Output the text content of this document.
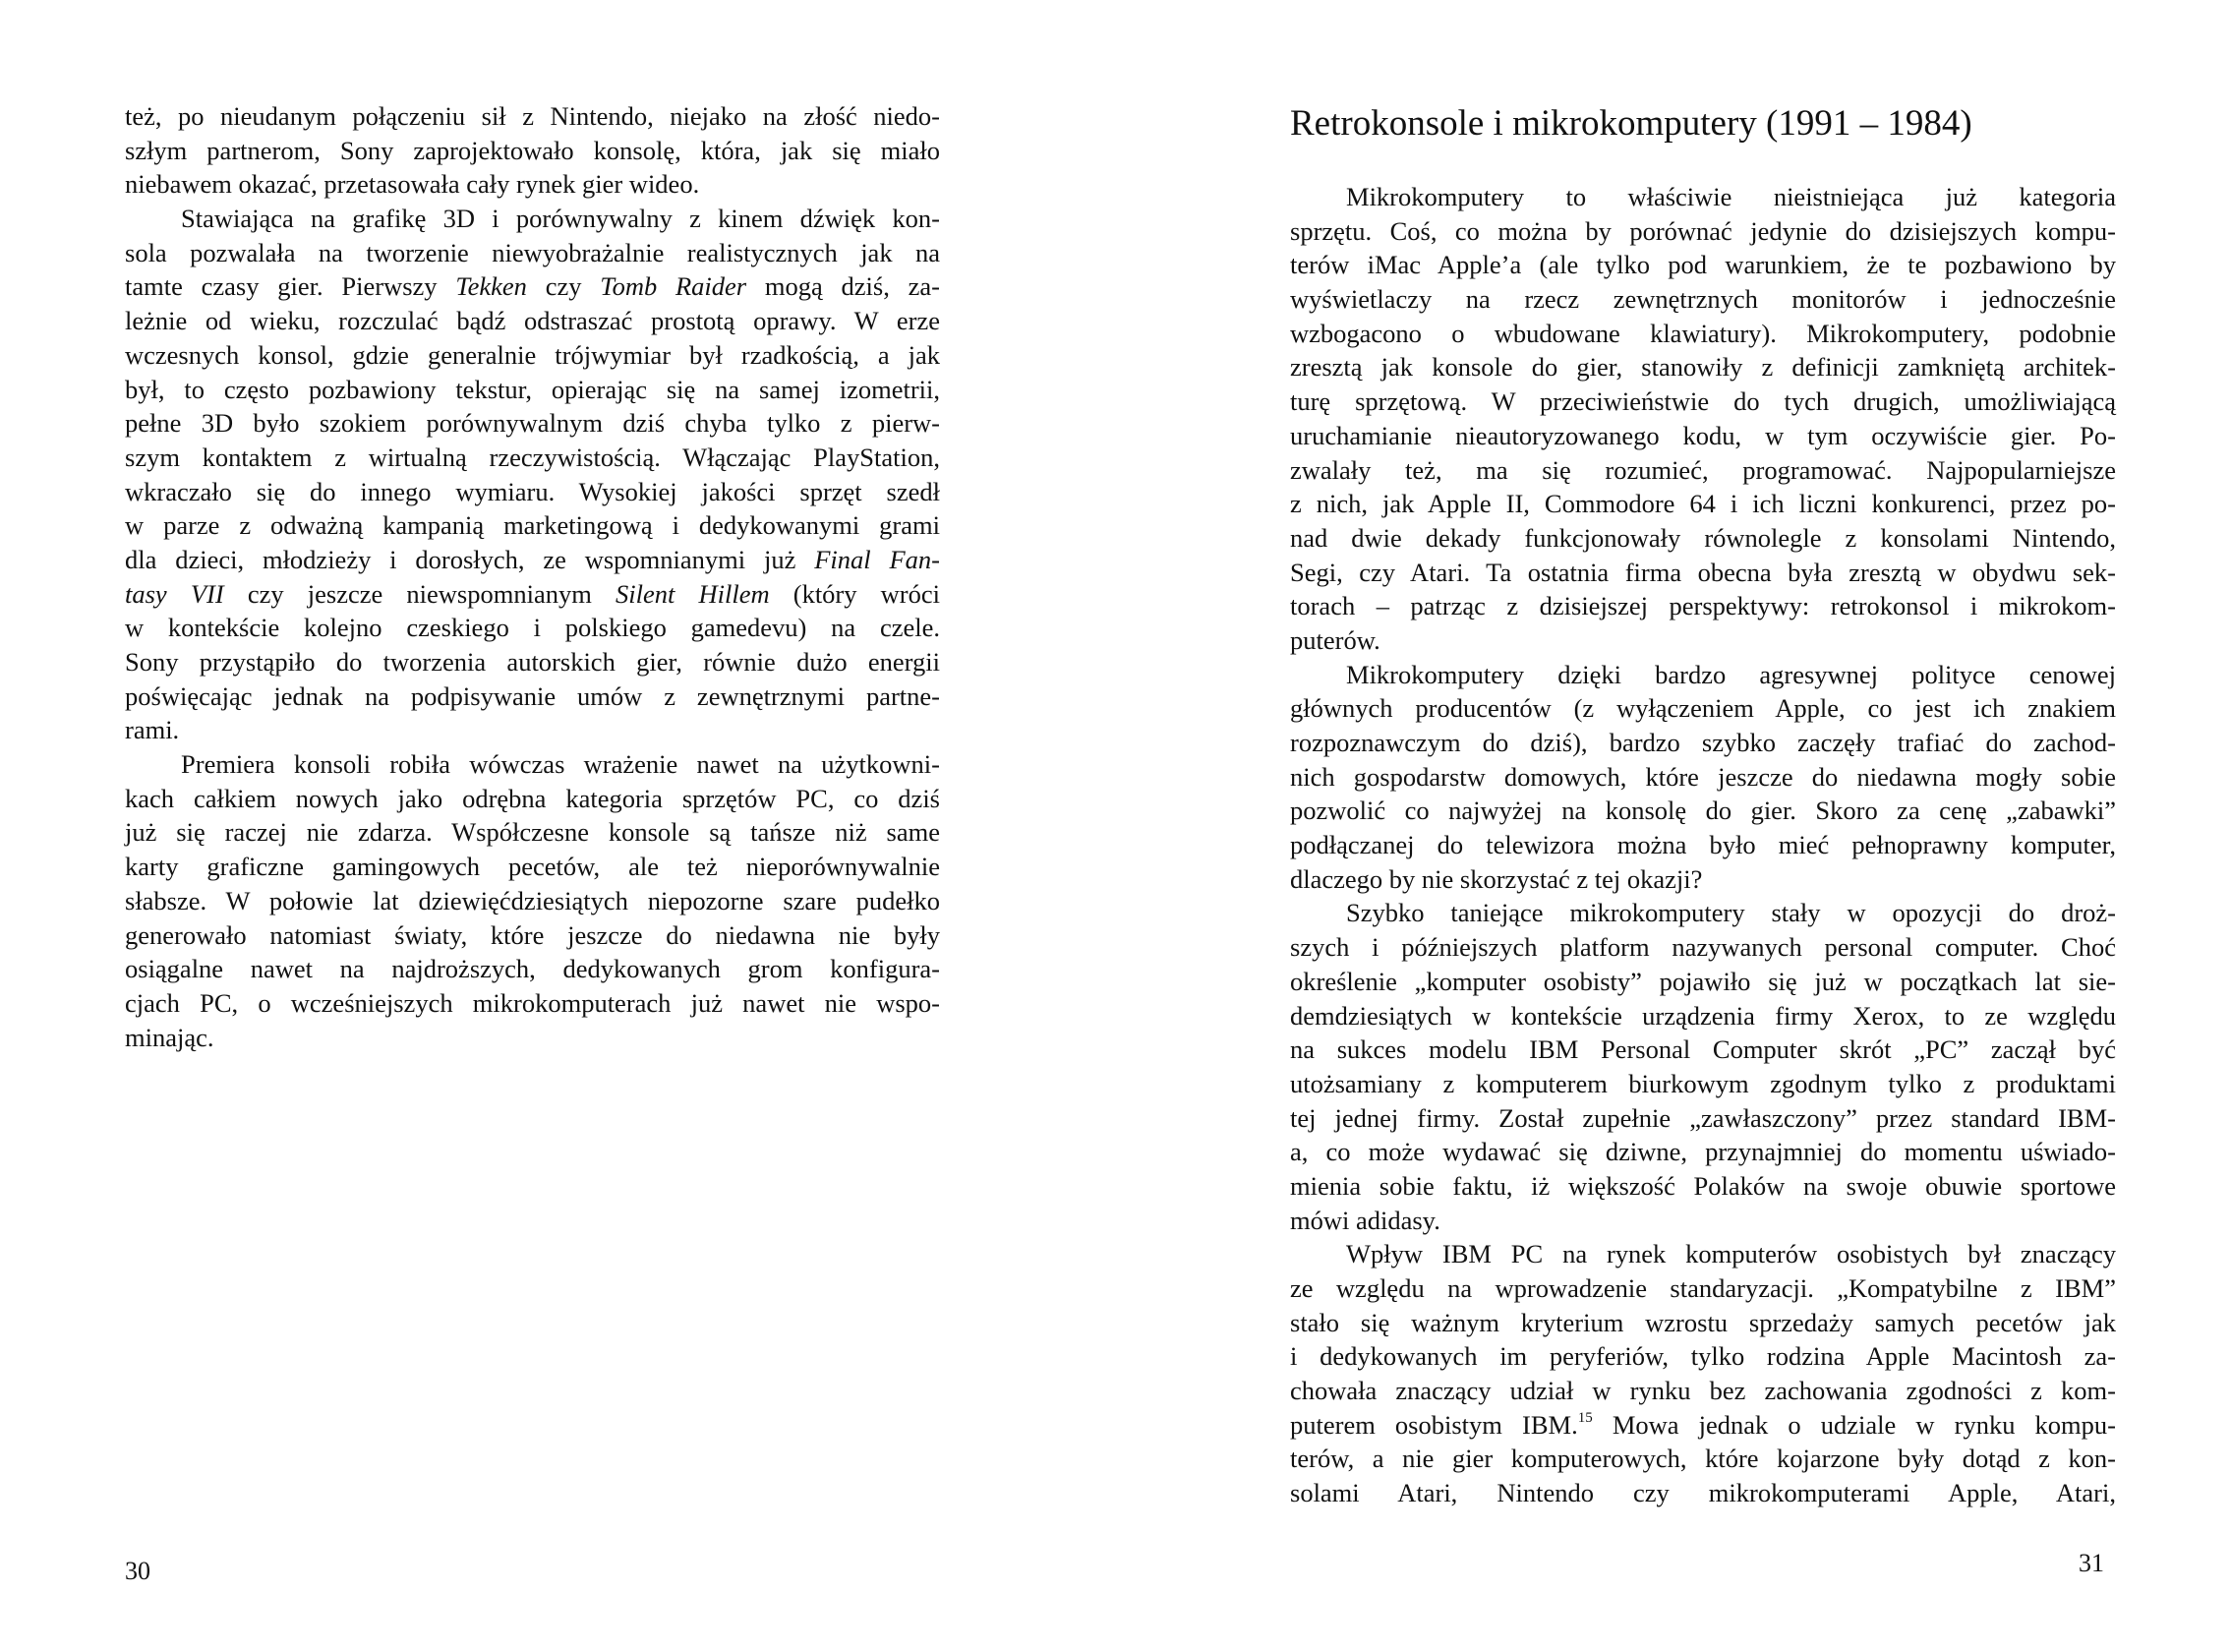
też, po nieudanym połączeniu sił z Nintendo, niejako na złość niedo-
szłym partnerom, Sony zaprojektowało konsolę, która, jak się miało
niebawem okazać, przetasowała cały rynek gier wideo.
Stawiająca na grafikę 3D i porównywalny z kinem dźwięk kon-
sola pozwalała na tworzenie niewyobrażalnie realistycznych jak na
tamte czasy gier. Pierwszy Tekken czy Tomb Raider mogą dziś, za-
leżnie od wieku, rozczulać bądź odstraszać prostotą oprawy. W erze
wczesnych konsol, gdzie generalnie trójwymiar był rzadkością, a jak
był, to często pozbawiony tekstur, opierając się na samej izometrii,
pełne 3D było szokiem porównywalnym dziś chyba tylko z pierw-
szym kontaktem z wirtualną rzeczywistością. Włączając PlayStation,
wkraczało się do innego wymiaru. Wysokiej jakości sprzęt szedł
w parze z odważną kampanią marketingową i dedykowanymi grami
dla dzieci, młodzieży i dorosłych, ze wspomnianymi już Final Fan-
tasy VII czy jeszcze niewspomnianym Silent Hillem (który wróci
w kontekście kolejno czeskiego i polskiego gamedevu) na czele.
Sony przystąpiło do tworzenia autorskich gier, równie dużo energii
poświęcając jednak na podpisywanie umów z zewnętrznymi partne-
rami.
Premiera konsoli robiła wówczas wrażenie nawet na użytkowni-
kach całkiem nowych jako odrębna kategoria sprzętów PC, co dziś
już się raczej nie zdarza. Współczesne konsole są tańsze niż same
karty graficzne gamingowych pecetów, ale też nieporównywalnie
słabsze. W połowie lat dziewięćdziesiątych niepozorne szare pudełko
generowało natomiast światy, które jeszcze do niedawna nie były
osiągalne nawet na najdroższych, dedykowanych grom konfigura-
cjach PC, o wcześniejszych mikrokomputerach już nawet nie wspo-
minając.
30
Retrokonsole i mikrokomputery (1991 – 1984)
Mikrokomputery to właściwie nieistniejąca już kategoria
sprzętu. Coś, co można by porównać jedynie do dzisiejszych kompu-
terów iMac Apple’a (ale tylko pod warunkiem, że te pozbawiono by
wyświetlaczy na rzecz zewnętrznych monitorów i jednocześnie
wzbogacono o wbudowane klawiatury). Mikrokomputery, podobnie
zresztą jak konsole do gier, stanowiły z definicji zamkniętą architek-
turę sprzętową. W przeciwieństwie do tych drugich, umożliwiającą
uruchamianie nieautoryzowanego kodu, w tym oczywiście gier. Po-
zwalały też, ma się rozumieć, programować. Najpopularniejsze
z nich, jak Apple II, Commodore 64 i ich liczni konkurenci, przez po-
nad dwie dekady funkcjonowały równolegle z konsolami Nintendo,
Segi, czy Atari. Ta ostatnia firma obecna była zresztą w obydwu sek-
torach – patrząc z dzisiejszej perspektywy: retrokonsol i mikrokom-
puterów.
Mikrokomputery dzięki bardzo agresywnej polityce cenowej
głównych producentów (z wyłączeniem Apple, co jest ich znakiem
rozpoznawczym do dziś), bardzo szybko zaczęły trafiać do zachod-
nich gospodarstw domowych, które jeszcze do niedawna mogły sobie
pozwolić co najwyżej na konsolę do gier. Skoro za cenę „zabawki”
podłączanej do telewizora można było mieć pełnoprawny komputer,
dlaczego by nie skorzystać z tej okazji?
Szybko taniejące mikrokomputery stały w opozycji do droż-
szych i późniejszych platform nazywanych personal computer. Choć
określenie „komputer osobisty” pojawiło się już w początkach lat sie-
demdziesiątych w kontekście urządzenia firmy Xerox, to ze względu
na sukces modelu IBM Personal Computer skrót „PC” zaczął być
utożsamiany z komputerem biurkowym zgodnym tylko z produktami
tej jednej firmy. Został zupełnie „zawłaszczony” przez standard IBM-
a, co może wydawać się dziwne, przynajmniej do momentu uświado-
mienia sobie faktu, iż większość Polaków na swoje obuwie sportowe
mówi adidasy.
Wpływ IBM PC na rynek komputerów osobistych był znaczący
ze względu na wprowadzenie standaryzacji. „Kompatybilne z IBM”
stało się ważnym kryterium wzrostu sprzedaży samych pecetów jak
i dedykowanych im peryferiów, tylko rodzina Apple Macintosh za-
chowała znaczący udział w rynku bez zachowania zgodności z kom-
puterem osobistym IBM.$^{15}$ Mowa jednak o udziale w rynku kompu-
terów, a nie gier komputerowych, które kojarzone były dotąd z kon-
solami Atari, Nintendo czy mikrokomputerami Apple, Atari,
31
